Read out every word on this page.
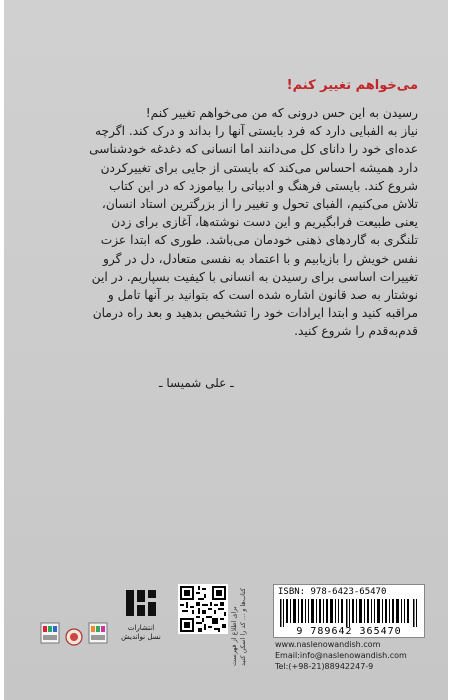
می‌خواهم تغییر کنم!
رسیدن به این حس درونی که من می‌خواهم تغییر کنم!
نیاز به الفبایی دارد که فرد بایستی آنها را بداند و درک کند. اگرچه
عده‌ای خود را دانای کل می‌دانند اما انسانی که دغدغه خودشناسی
دارد همیشه احساس می‌کند که بایستی از جایی برای تغییرکردن
شروع کند. بایستی فرهنگ و ادبیاتی را بیاموزد که در این کتاب
تلاش می‌کنیم، الفبای تحول و تغییر را از بزرگترین استاد انسان،
یعنی طبیعت فرابگیریم و این دست نوشته‌ها، آغازی برای زدن
تلنگری به گاردهای ذهنی خودمان می‌باشد. طوری که ابتدا عزت
نفس خویش را بازیابیم و با اعتماد به نفسی متعادل، دل در گرو
تغییرات اساسی برای رسیدن به انسانی با کیفیت بسپاریم. در این
نوشتار به صد قانون اشاره شده است که بتوانید بر آنها تامل و
مراقبه کنید و ابتدا ایرادات خود را تشخیص بدهید و بعد راه درمان
قدم‌به‌قدم را شروع کنید.
ـ علی شمیسا ـ
ISBN: 978-6423-65470
9 789642 365470
www.naslenowandish.com
Email:info@naslenowandish.com
Tel:(+98-21)88942247-9
برای اطلاع از فهرست کتاب‌ها و ... کد را اسکن کنید
انتشارات
نسل نواندیش
